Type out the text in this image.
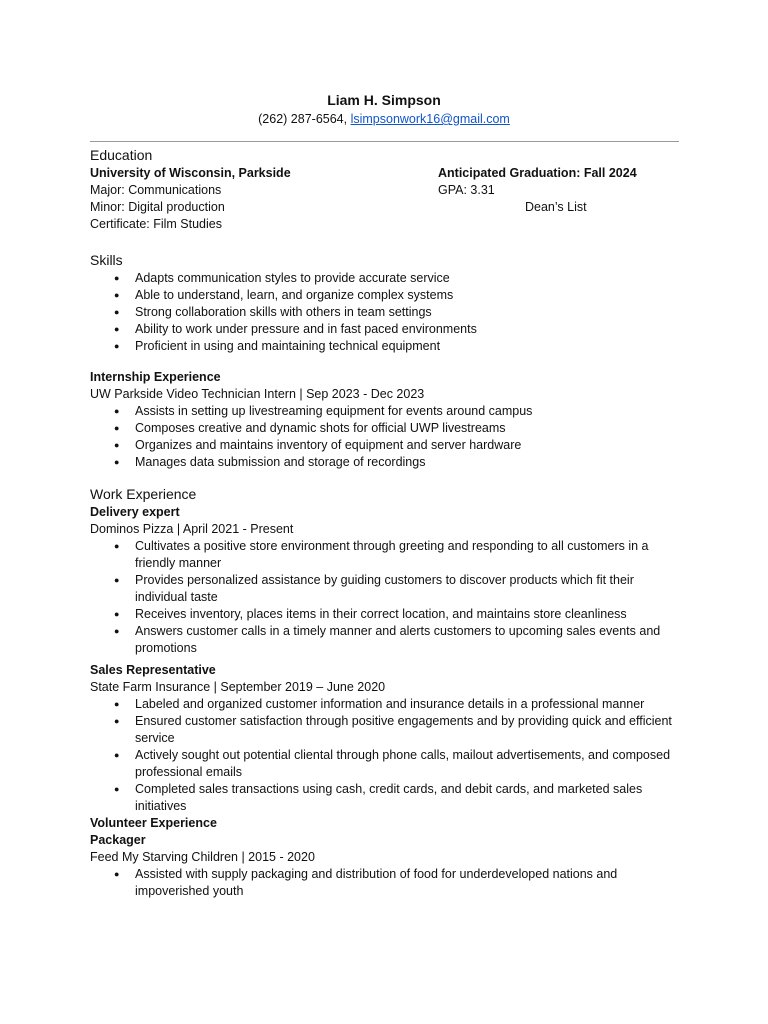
Liam H. Simpson
(262) 287-6564, lsimpsonwork16@gmail.com
Education
University of Wisconsin, Parkside
Major: Communications
Minor: Digital production
Certificate: Film Studies
Anticipated Graduation: Fall 2024
GPA: 3.31
Dean’s List
Skills
● Adapts communication styles to provide accurate service
● Able to understand, learn, and organize complex systems
● Strong collaboration skills with others in team settings
● Ability to work under pressure and in fast paced environments
● Proficient in using and maintaining technical equipment
Internship Experience
UW Parkside Video Technician Intern | Sep 2023 - Dec 2023
● Assists in setting up livestreaming equipment for events around campus
● Composes creative and dynamic shots for official UWP livestreams
● Organizes and maintains inventory of equipment and server hardware
● Manages data submission and storage of recordings
Work Experience
Delivery expert
Dominos Pizza | April 2021 - Present
● Cultivates a positive store environment through greeting and responding to all customers in a
friendly manner
● Provides personalized assistance by guiding customers to discover products which fit their
individual taste
● Receives inventory, places items in their correct location, and maintains store cleanliness
● Answers customer calls in a timely manner and alerts customers to upcoming sales events and
promotions
Sales Representative
State Farm Insurance | September 2019 – June 2020
● Labeled and organized customer information and insurance details in a professional manner
● Ensured customer satisfaction through positive engagements and by providing quick and efficient
service
● Actively sought out potential cliental through phone calls, mailout advertisements, and composed
professional emails
● Completed sales transactions using cash, credit cards, and debit cards, and marketed sales
initiatives
Volunteer Experience
Packager
Feed My Starving Children | 2015 - 2020
● Assisted with supply packaging and distribution of food for underdeveloped nations and
impoverished youth
